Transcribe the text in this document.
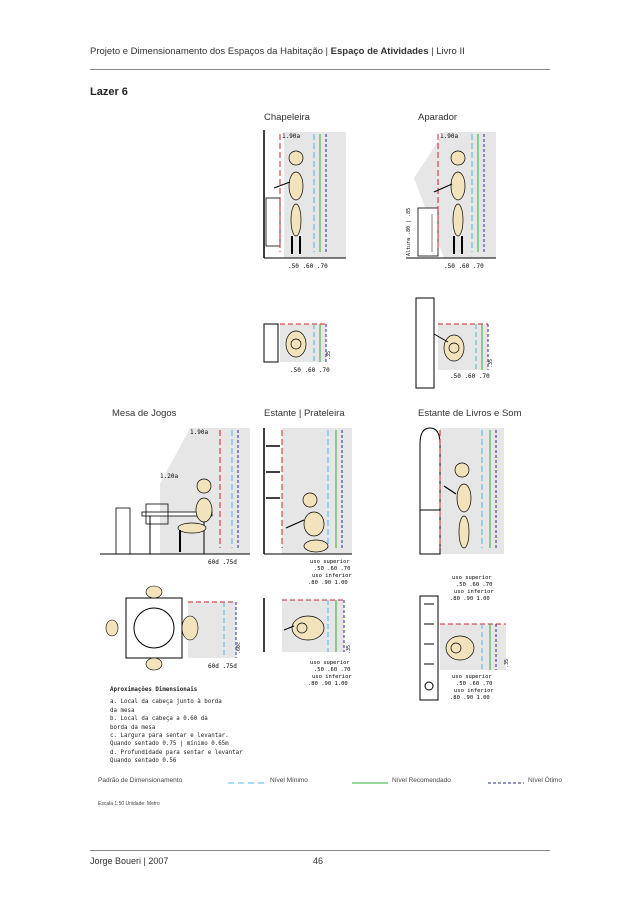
Projeto e Dimensionamento dos Espaços da Habitação | Espaço de Atividades | Livro II
Lazer 6
Chapeleira	Aparador
Mesa de Jogos	Estante | Prateleira	Estante de Livros e Som
1.90a
.50 .60 .70
1.90a
Altura .80 | .85
.50 .60 .70
.35
.50 .60 .70
.35
.50 .60 .70
1.90a
1.20a
60d .75d
.60c
60d .75d
uso superior
.50 .60 .70
uso inferior
.80 .90 1.00
.35
uso superior
.50 .60 .70
uso inferior
.80 .90 1.00
uso superior
.50 .60 .70
uso inferior
.80 .90 1.00
.35
uso superior
.50 .60 .70
uso inferior
.80 .90 1.00
Aproximações Dimensionais
a. Local da cabeça junto à borda
da mesa
b. Local da cabeça a 0.60 da
borda da mesa
c. Largura para sentar e levantar.
Quando sentado 0.75 | mínimo 0.65m
d. Profundidade para sentar e levantar
Quando sentado 0.56
Padrão de Dimensionamento	Nível Mínimo	Nível Recomendado	Nível Ótimo
Escala 1:50 Unidade: Metro
Jorge Boueri | 2007	46
